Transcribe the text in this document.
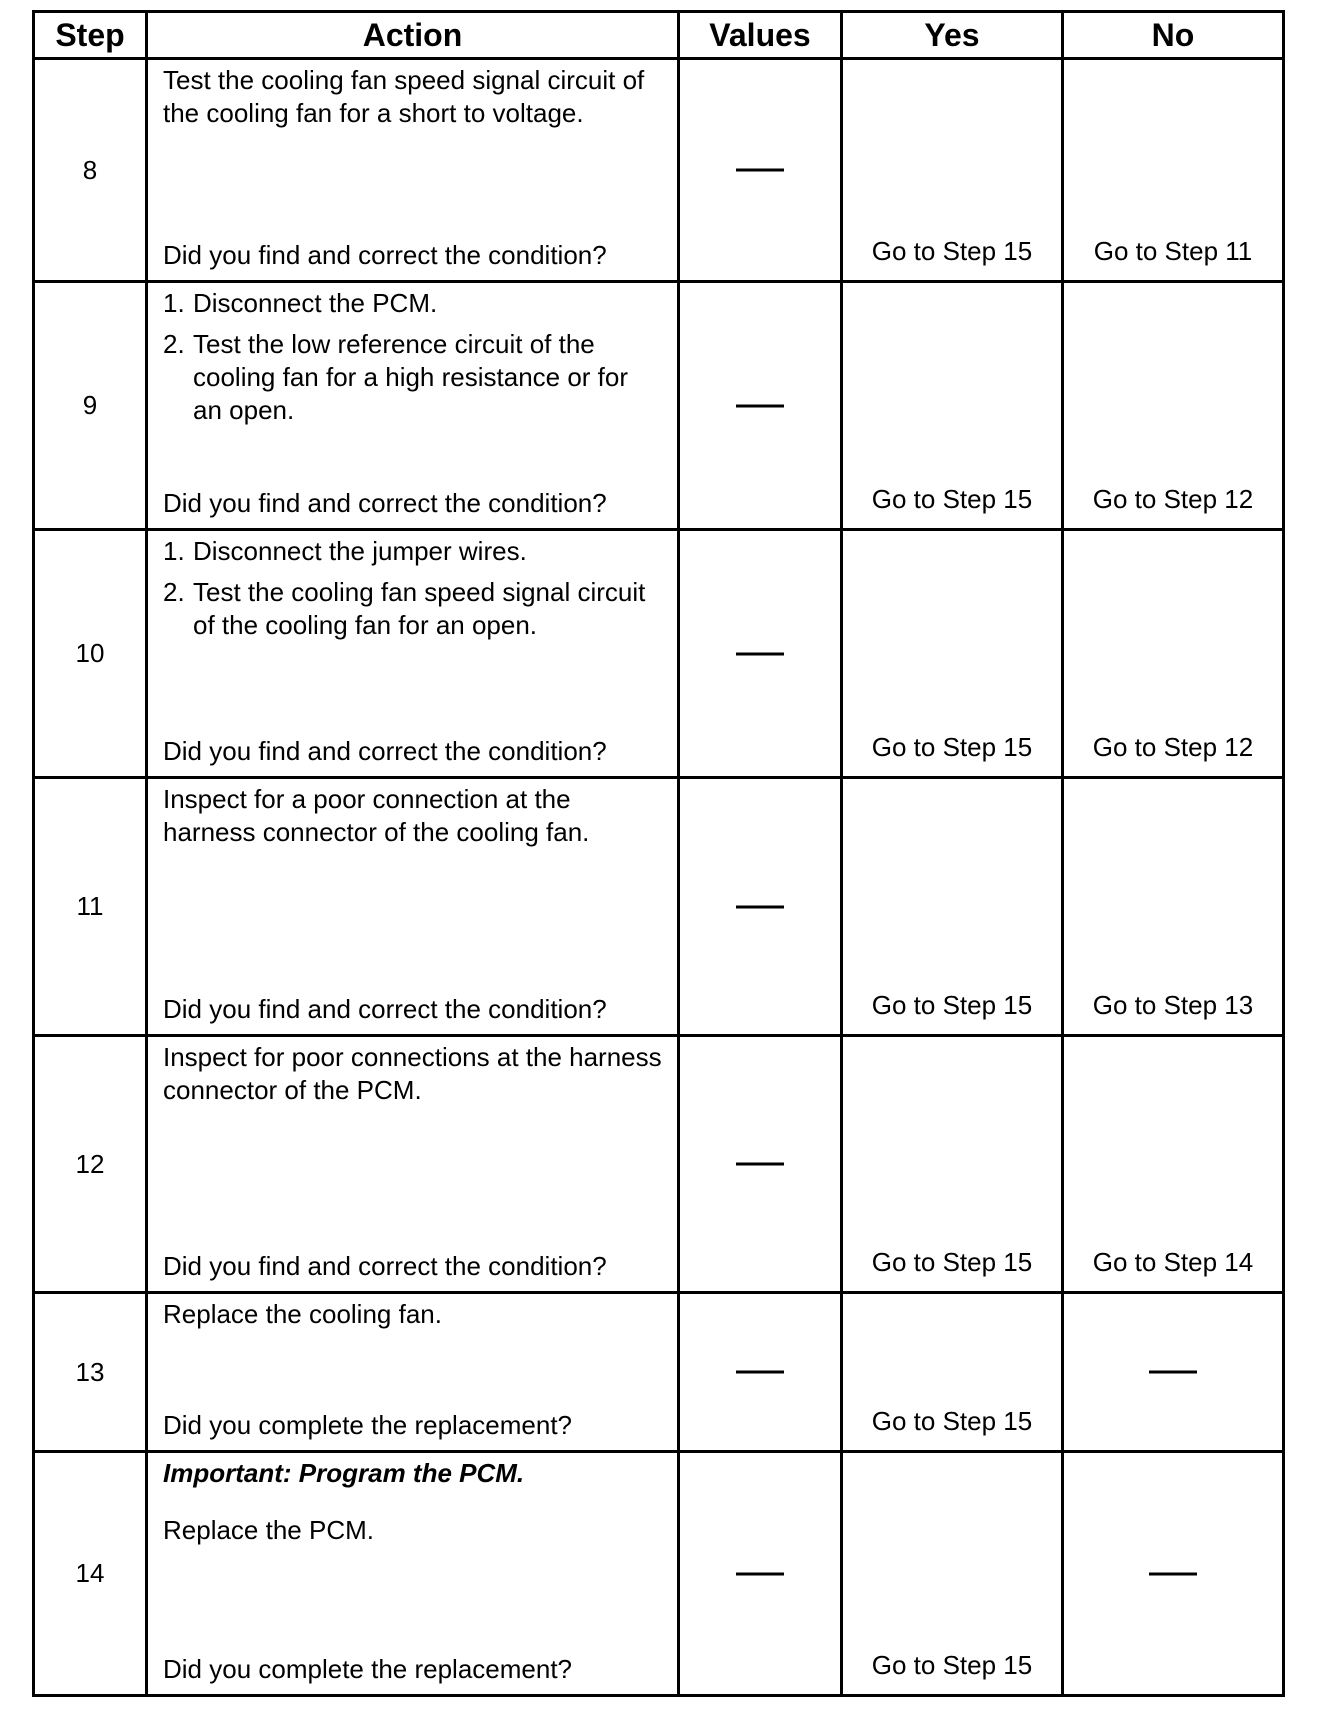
Step	Action	Values	Yes	No
8	Test the cooling fan speed signal circuit of the cooling fan for a short to voltage.
Did you find and correct the condition?		Go to Step 15	Go to Step 11

9	1. Disconnect the PCM.
2. Test the low reference circuit of the cooling fan for a high resistance or for an open.
Did you find and correct the condition?		Go to Step 15	Go to Step 12

10	1. Disconnect the jumper wires.
2. Test the cooling fan speed signal circuit of the cooling fan for an open.
Did you find and correct the condition?		Go to Step 15	Go to Step 12

11	Inspect for a poor connection at the harness connector of the cooling fan.
Did you find and correct the condition?		Go to Step 15	Go to Step 13

12	Inspect for poor connections at the harness connector of the PCM.
Did you find and correct the condition?		Go to Step 15	Go to Step 14

13	Replace the cooling fan.
Did you complete the replacement?		Go to Step 15	

14	Important: Program the PCM.
Replace the PCM.
Did you complete the replacement?		Go to Step 15	
